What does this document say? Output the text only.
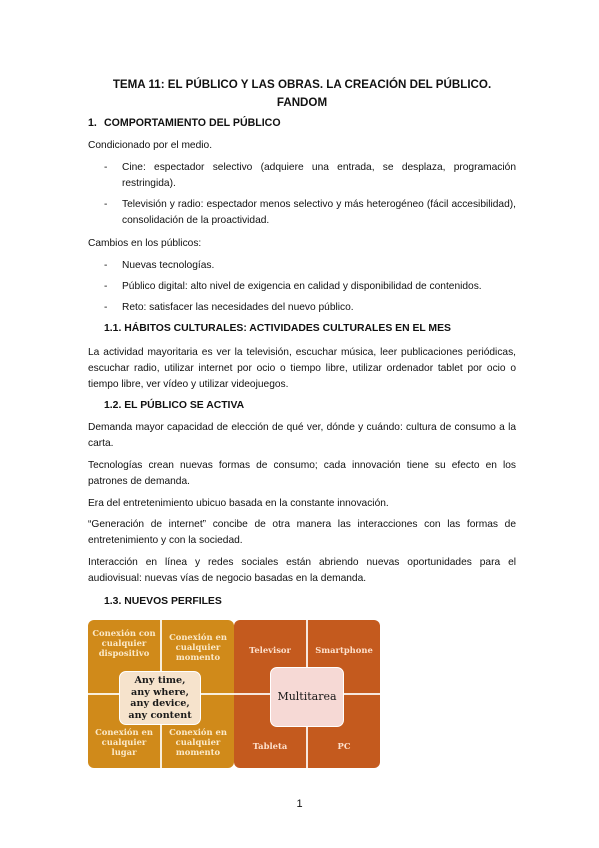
TEMA 11: EL PÚBLICO Y LAS OBRAS. LA CREACIÓN DEL PÚBLICO.
FANDOM
1. COMPORTAMIENTO DEL PÚBLICO
Condicionado por el medio.
- Cine: espectador selectivo (adquiere una entrada, se desplaza, programación restringida).
- Televisión y radio: espectador menos selectivo y más heterogéneo (fácil accesibilidad), consolidación de la proactividad.
Cambios en los públicos:
- Nuevas tecnologías.
- Público digital: alto nivel de exigencia en calidad y disponibilidad de contenidos.
- Reto: satisfacer las necesidades del nuevo público.
1.1. HÁBITOS CULTURALES: ACTIVIDADES CULTURALES EN EL MES
La actividad mayoritaria es ver la televisión, escuchar música, leer publicaciones periódicas, escuchar radio, utilizar internet por ocio o tiempo libre, utilizar ordenador tablet por ocio o tiempo libre, ver vídeo y utilizar videojuegos.
1.2. EL PÚBLICO SE ACTIVA
Demanda mayor capacidad de elección de qué ver, dónde y cuándo: cultura de consumo a la carta.
Tecnologías crean nuevas formas de consumo; cada innovación tiene su efecto en los patrones de demanda.
Era del entretenimiento ubicuo basada en la constante innovación.
“Generación de internet” concibe de otra manera las interacciones con las formas de entretenimiento y con la sociedad.
Interacción en línea y redes sociales están abriendo nuevas oportunidades para el audiovisual: nuevas vías de negocio basadas en la demanda.
1.3. NUEVOS PERFILES
Conexión con cualquier dispositivo
Conexión en cualquier momento
Conexión en cualquier lugar
Conexión en cualquier momento
Any time,
any where,
any device,
any content
Televisor	Smartphone
Tableta	PC
Multitarea
1
